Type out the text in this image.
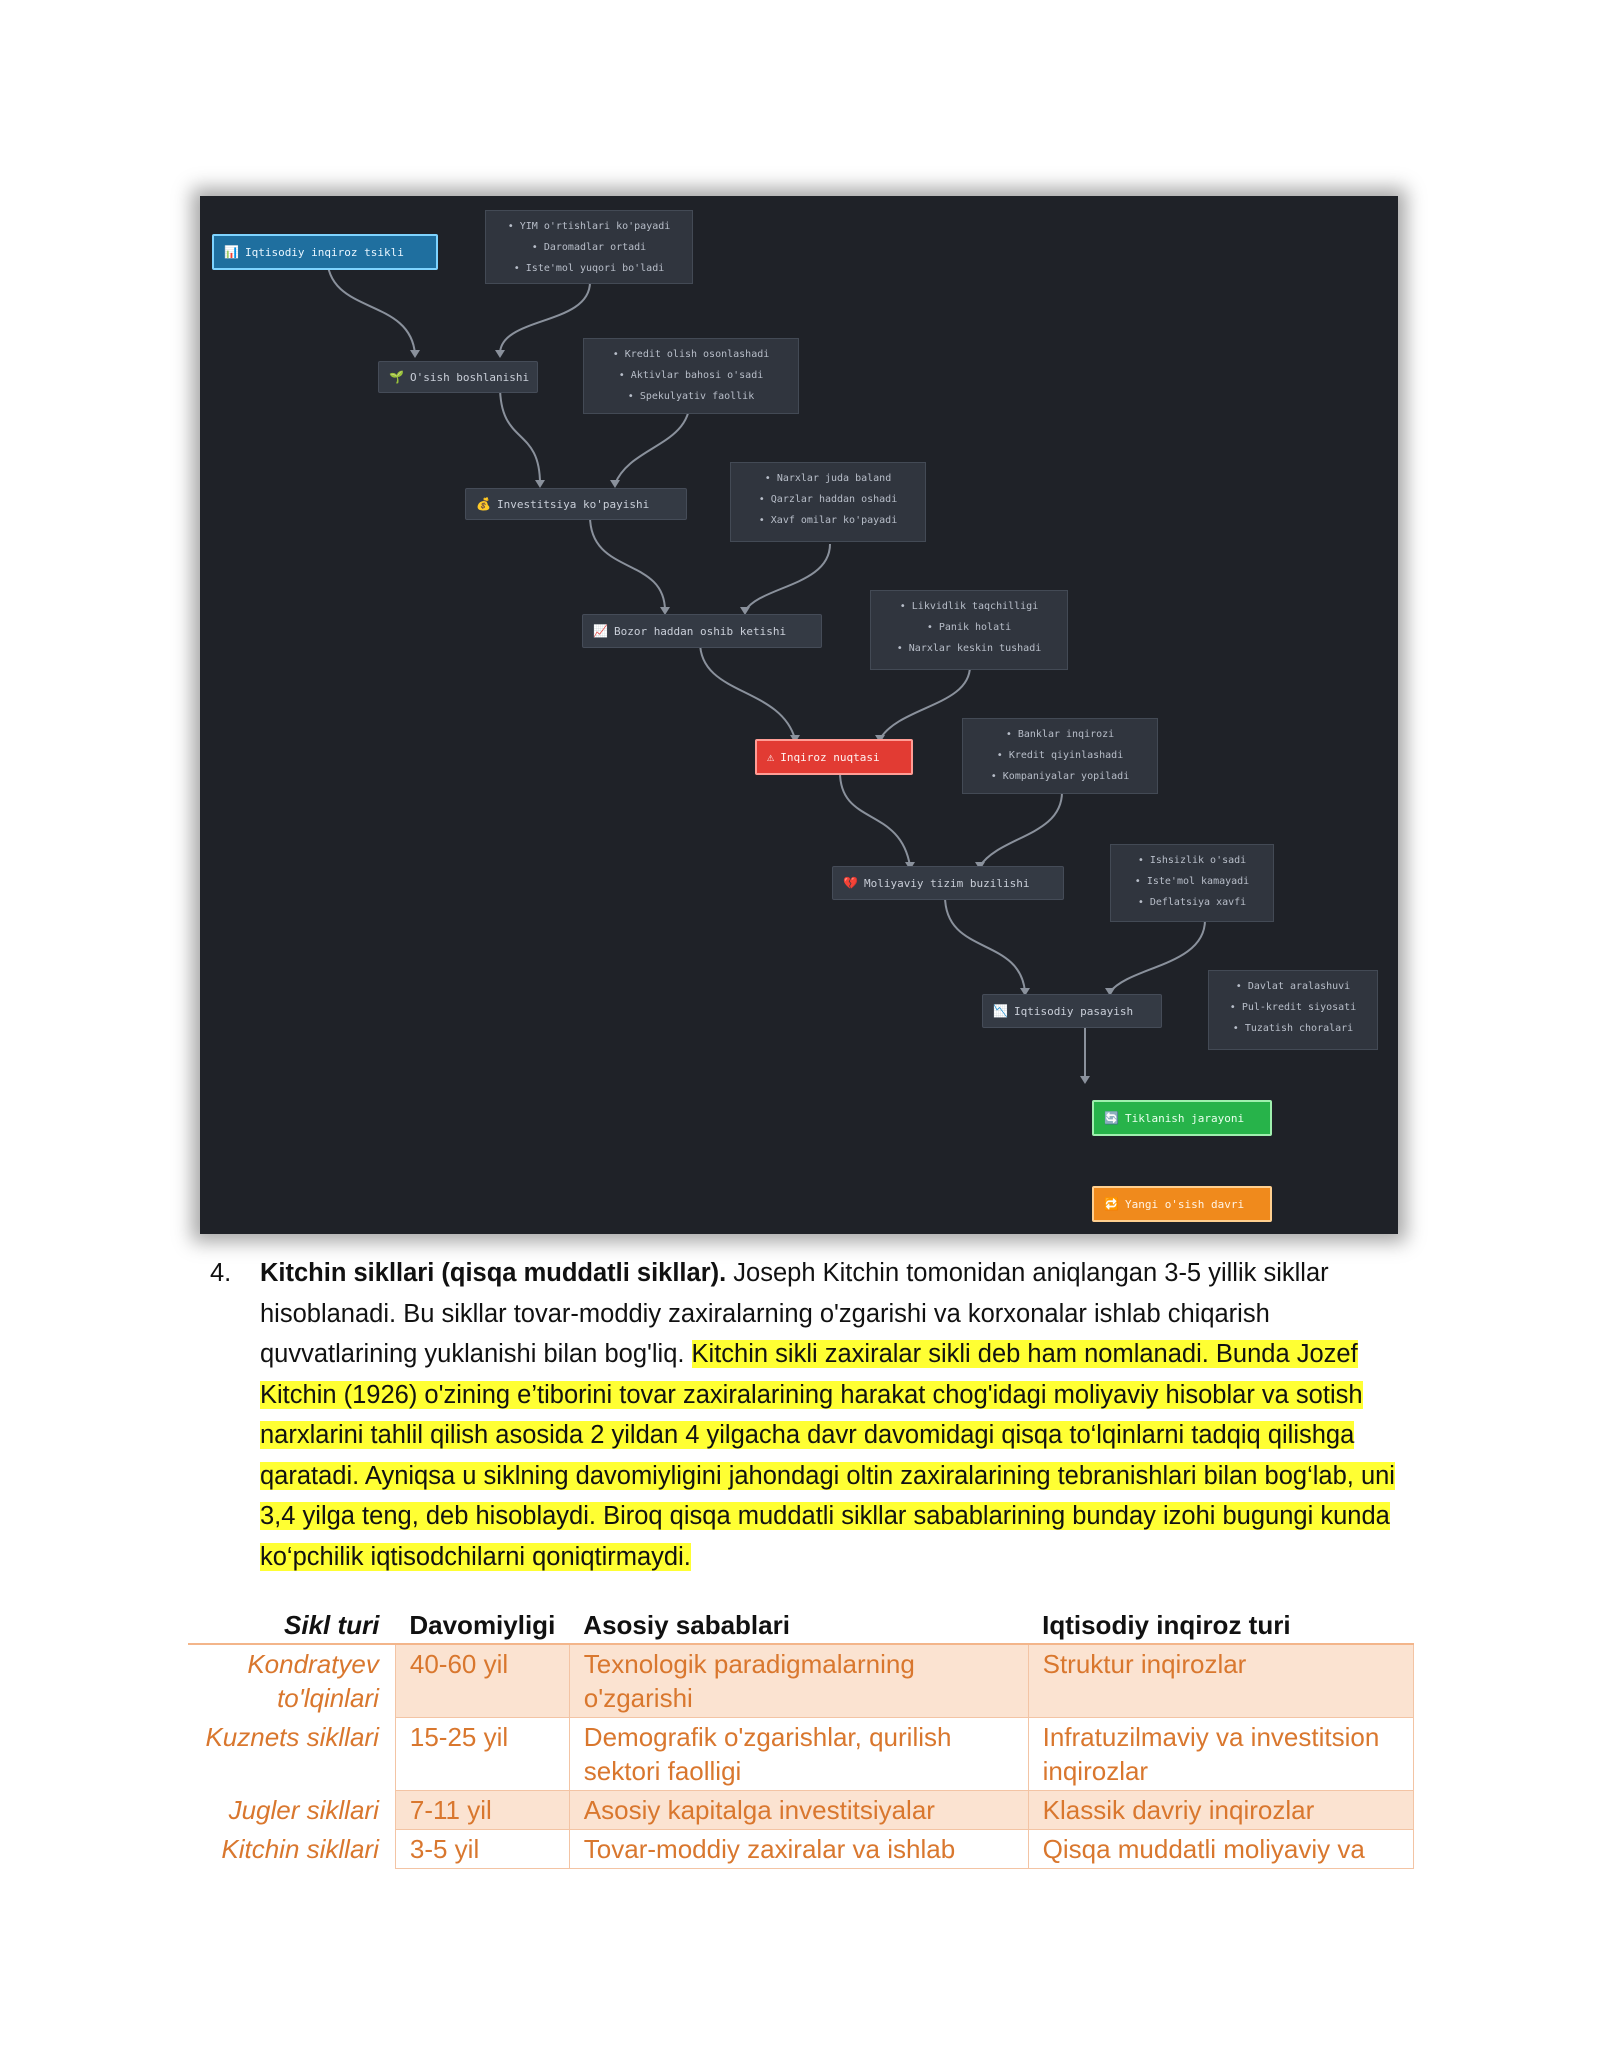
📊 Iqtisodiy inqiroz tsikli
• YIM o'rtishlari ko'payadi
• Daromadlar ortadi
• Iste'mol yuqori bo'ladi
🌱 O'sish boshlanishi
• Kredit olish osonlashadi
• Aktivlar bahosi o'sadi
• Spekulyativ faollik
💰 Investitsiya ko'payishi
• Narxlar juda baland
• Qarzlar haddan oshadi
• Xavf omilar ko'payadi
📈 Bozor haddan oshib ketishi
• Likvidlik taqchilligi
• Panik holati
• Narxlar keskin tushadi
⚠ Inqiroz nuqtasi
• Banklar inqirozi
• Kredit qiyinlashadi
• Kompaniyalar yopiladi
💔 Moliyaviy tizim buzilishi
• Ishsizlik o'sadi
• Iste'mol kamayadi
• Deflatsiya xavfi
📉 Iqtisodiy pasayish
• Davlat aralashuvi
• Pul-kredit siyosati
• Tuzatish choralari
🔄 Tiklanish jarayoni
🔁 Yangi o'sish davri
4. Kitchin sikllari (qisqa muddatli sikllar). Joseph Kitchin tomonidan aniqlangan 3-5 yillik sikllar hisoblanadi. Bu sikllar tovar-moddiy zaxiralarning o'zgarishi va korxonalar ishlab chiqarish quvvatlarining yuklanishi bilan bog'liq. Kitchin sikli zaxiralar sikli deb ham nomlanadi. Bunda Jozef Kitchin (1926) o'zining e’tiborini tovar zaxiralarining harakat chog'idagi moliyaviy hisoblar va sotish narxlarini tahlil qilish asosida 2 yildan 4 yilgacha davr davomidagi qisqa to‘lqinlarni tadqiq qilishga qaratadi. Ayniqsa u siklning davomiyligini jahondagi oltin zaxiralarining tebranishlari bilan bog‘lab, uni 3,4 yilga teng, deb hisoblaydi. Biroq qisqa muddatli sikllar sabablarining bunday izohi bugungi kunda ko‘pchilik iqtisodchilarni qoniqtirmaydi.
Sikl turi	Davomiyligi	Asosiy sabablari	Iqtisodiy inqiroz turi
Kondratyev to'lqinlari	40-60 yil	Texnologik paradigmalarning o'zgarishi	Struktur inqirozlar
Kuznets sikllari	15-25 yil	Demografik o'zgarishlar, qurilish sektori faolligi	Infratuzilmaviy va investitsion inqirozlar
Jugler sikllari	7-11 yil	Asosiy kapitalga investitsiyalar	Klassik davriy inqirozlar
Kitchin sikllari	3-5 yil	Tovar-moddiy zaxiralar va ishlab	Qisqa muddatli moliyaviy va
